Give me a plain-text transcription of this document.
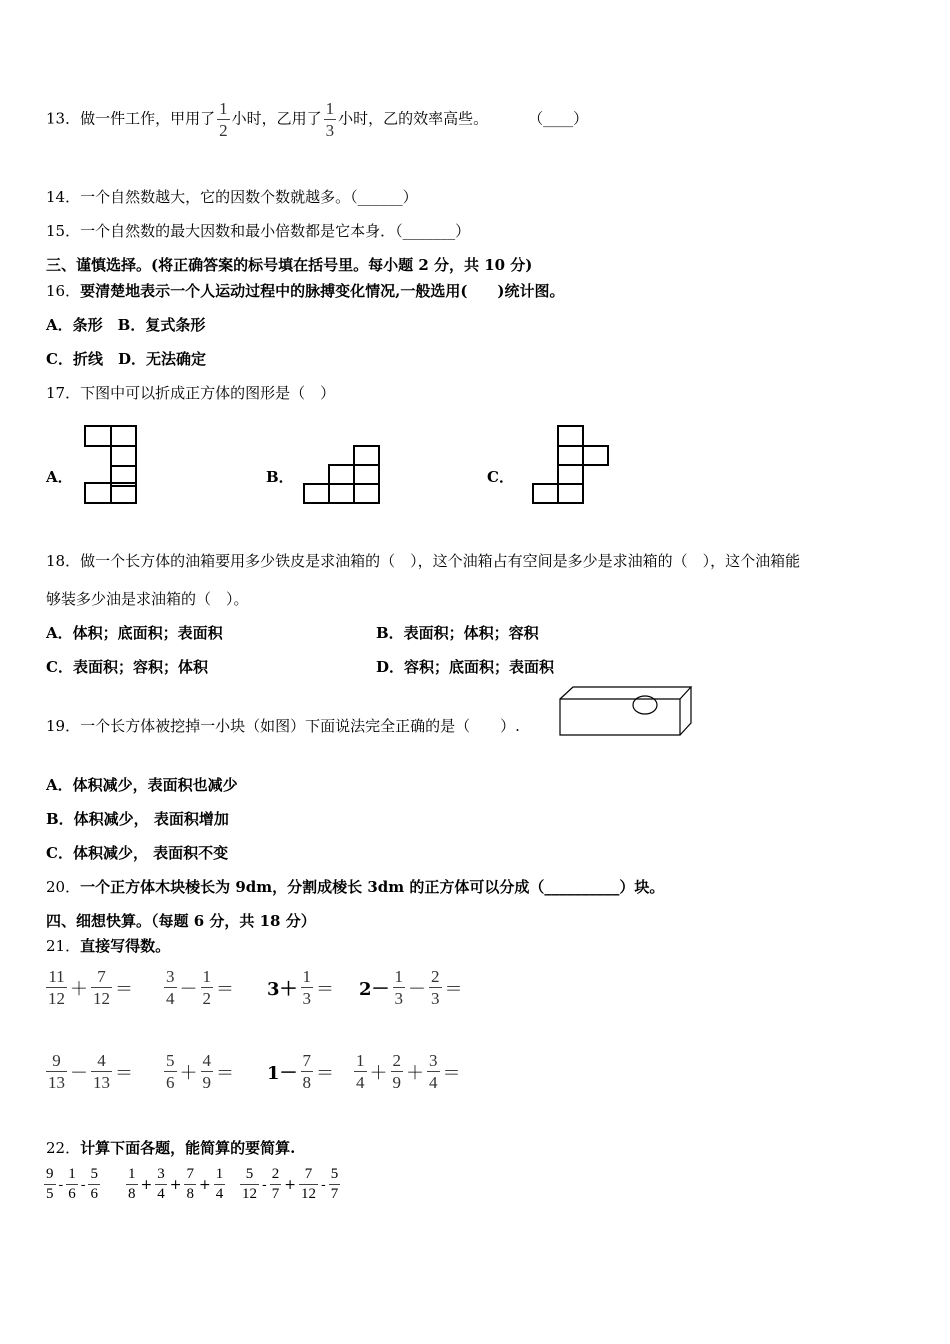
13．做一件工作，甲用了 $\frac{1}{2}$ 小时，乙用了 $\frac{1}{3}$ 小时，乙的效率高些。	（____）
14．一个自然数越大，它的因数个数就越多。（______）
15．一个自然数的最大因数和最小倍数都是它本身．（_______）
三、谨慎选择。(将正确答案的标号填在括号里。每小题 2 分，共 10 分)
16．要清楚地表示一个人运动过程中的脉搏变化情况,一般选用(　　)统计图。
A．条形　B．复式条形
C．折线　D．无法确定
17．下图中可以折成正方体的图形是（　）
A．	B．	C．
18．做一个长方体的油箱要用多少铁皮是求油箱的（　），这个油箱占有空间是多少是求油箱的（　），这个油箱能
够装多少油是求油箱的（　）。
A．体积；底面积；表面积	B．表面积；体积；容积
C．表面积；容积；体积	D．容积；底面积；表面积
19．一个长方体被挖掉一小块（如图）下面说法完全正确的是（　　）.
A．体积减少，表面积也减少
B．体积减少， 表面积增加
C．体积减少， 表面积不变
20．一个正方体木块棱长为 9dm，分割成棱长 3dm 的正方体可以分成（__________）块。
四、细想快算。（每题 6 分，共 18 分）
21．直接写得数。
$\frac{11}{12} + \frac{7}{12} = \frac{3}{4} - \frac{1}{2} = 3+ \frac{1}{3} = 2- \frac{1}{3} - \frac{2}{3}$ ＝
$\frac{9}{13} - \frac{4}{13} = \frac{5}{6} + \frac{4}{9} = 1- \frac{7}{8} = \frac{1}{4} + \frac{2}{9} + \frac{3}{4}$ ＝
22．计算下面各题，能简算的要简算.
$\frac{9}{5} - \frac{1}{6} - \frac{5}{6} \frac{1}{8} + \frac{3}{4} + \frac{7}{8} + \frac{1}{4} \frac{5}{12} - \frac{2}{7} + \frac{7}{12} - \frac{5}{7}$
